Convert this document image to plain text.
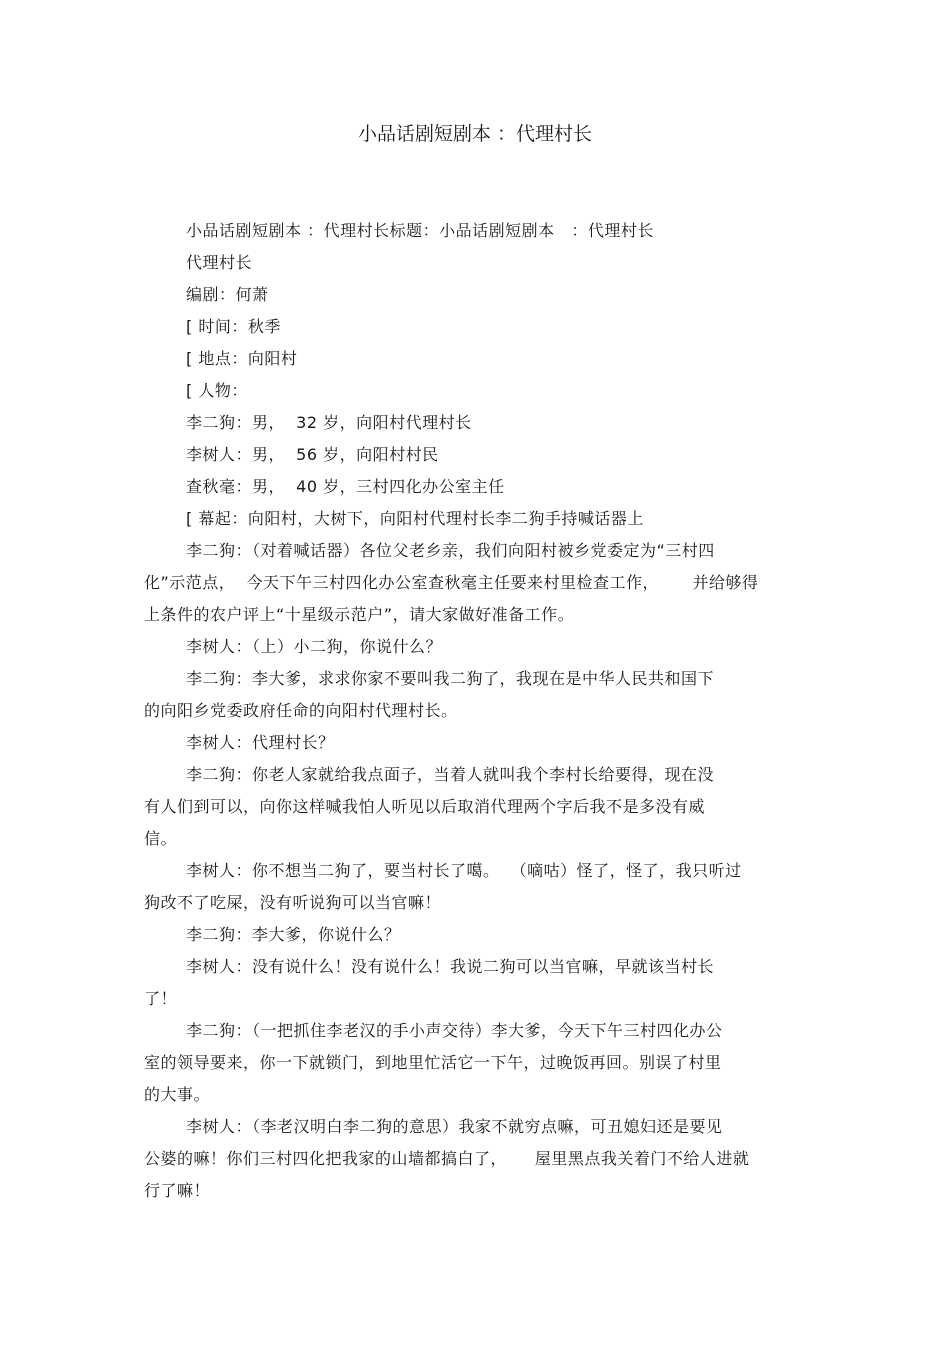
小品话剧短剧本 ：代理村长
小品话剧短剧本 ：代理村长标题：小品话剧短剧本   ：代理村长
代理村长
编剧：何萧
[ 时间：秋季
[ 地点：向阳村
[ 人物：
李二狗：男，  32 岁，向阳村代理村长
李树人：男，  56 岁，向阳村村民
查秋毫：男，  40 岁，三村四化办公室主任
[ 幕起：向阳村，大树下，向阳村代理村长李二狗手持喊话器上
李二狗：（对着喊话器）各位父老乡亲，我们向阳村被乡党委定为“三村四
化”示范点，  今天下午三村四化办公室查秋毫主任要来村里检查工作，      并给够得
上条件的农户评上“十星级示范户”，请大家做好准备工作。
李树人：（上）小二狗，你说什么？
李二狗：李大爹，求求你家不要叫我二狗了，我现在是中华人民共和国下
的向阳乡党委政府任命的向阳村代理村长。
李树人：代理村长？
李二狗：你老人家就给我点面子，当着人就叫我个李村长给要得，现在没
有人们到可以，向你这样喊我怕人听见以后取消代理两个字后我不是多没有威
信。
李树人：你不想当二狗了，要当村长了噶。  （嘀咕）怪了，怪了，我只听过
狗改不了吃屎，没有听说狗可以当官嘛！
李二狗：李大爹，你说什么？
李树人：没有说什么！没有说什么！我说二狗可以当官嘛，早就该当村长
了！
李二狗：（一把抓住李老汉的手小声交待）李大爹，今天下午三村四化办公
室的领导要来，你一下就锁门，到地里忙活它一下午，过晚饭再回。别误了村里
的大事。
李树人：（李老汉明白李二狗的意思）我家不就穷点嘛，可丑媳妇还是要见
公婆的嘛！你们三村四化把我家的山墙都搞白了，     屋里黑点我关着门不给人进就
行了嘛！
